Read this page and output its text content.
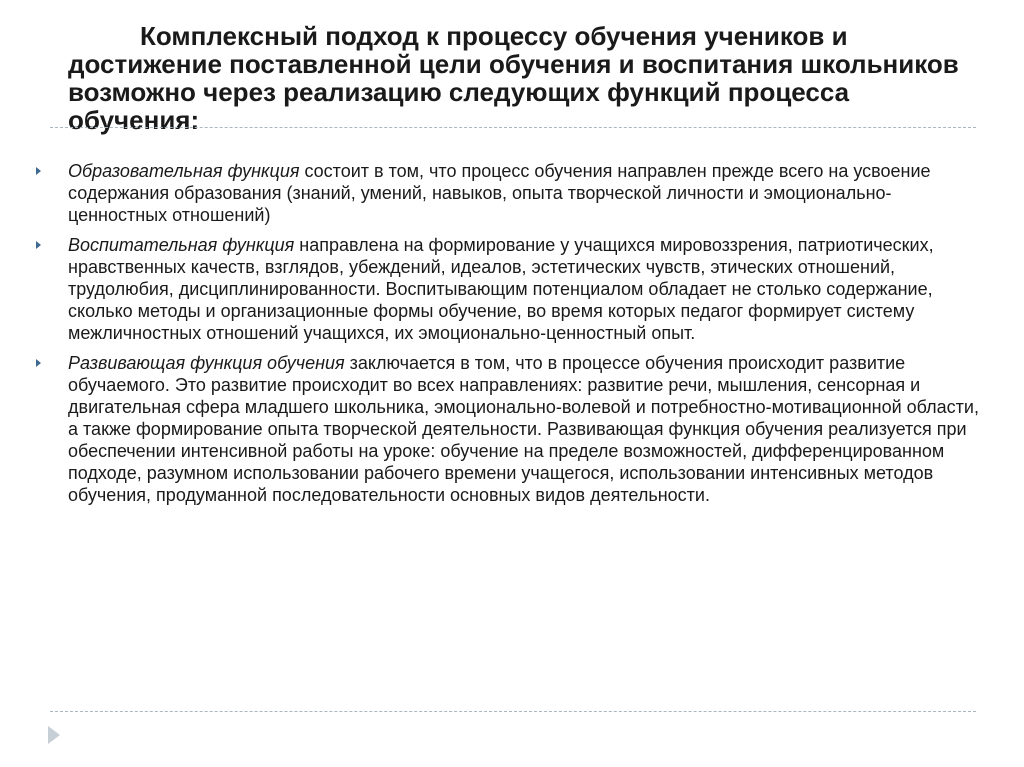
Комплексный подход к процессу обучения учеников и достижение поставленной цели обучения и воспитания школьников возможно через реализацию следующих функций процесса обучения:
Образовательная функция состоит в том, что процесс обучения направлен прежде всего на усвоение содержания образования (знаний, умений, навыков, опыта творческой личности и эмоционально-ценностных отношений)
Воспитательная функция направлена на формирование у учащихся мировоззрения, патриотических, нравственных качеств, взглядов, убеждений, идеалов, эстетических чувств, этических отношений, трудолюбия, дисциплинированности. Воспитывающим потенциалом обладает не столько содержание, сколько методы и организационные формы обучение, во время которых педагог формирует систему межличностных отношений учащихся, их эмоционально-ценностный опыт.
Развивающая функция обучения заключается в том, что в процессе обучения происходит развитие обучаемого. Это развитие происходит во всех направлениях: развитие речи, мышления, сенсорная и двигательная сфера младшего школьника, эмоционально-волевой и потребностно-мотивационной области, а также формирование опыта творческой деятельности. Развивающая функция обучения реализуется при обеспечении интенсивной работы на уроке: обучение на пределе возможностей, дифференцированном подходе, разумном использовании рабочего времени учащегося, использовании интенсивных методов обучения, продуманной последовательности основных видов деятельности.
